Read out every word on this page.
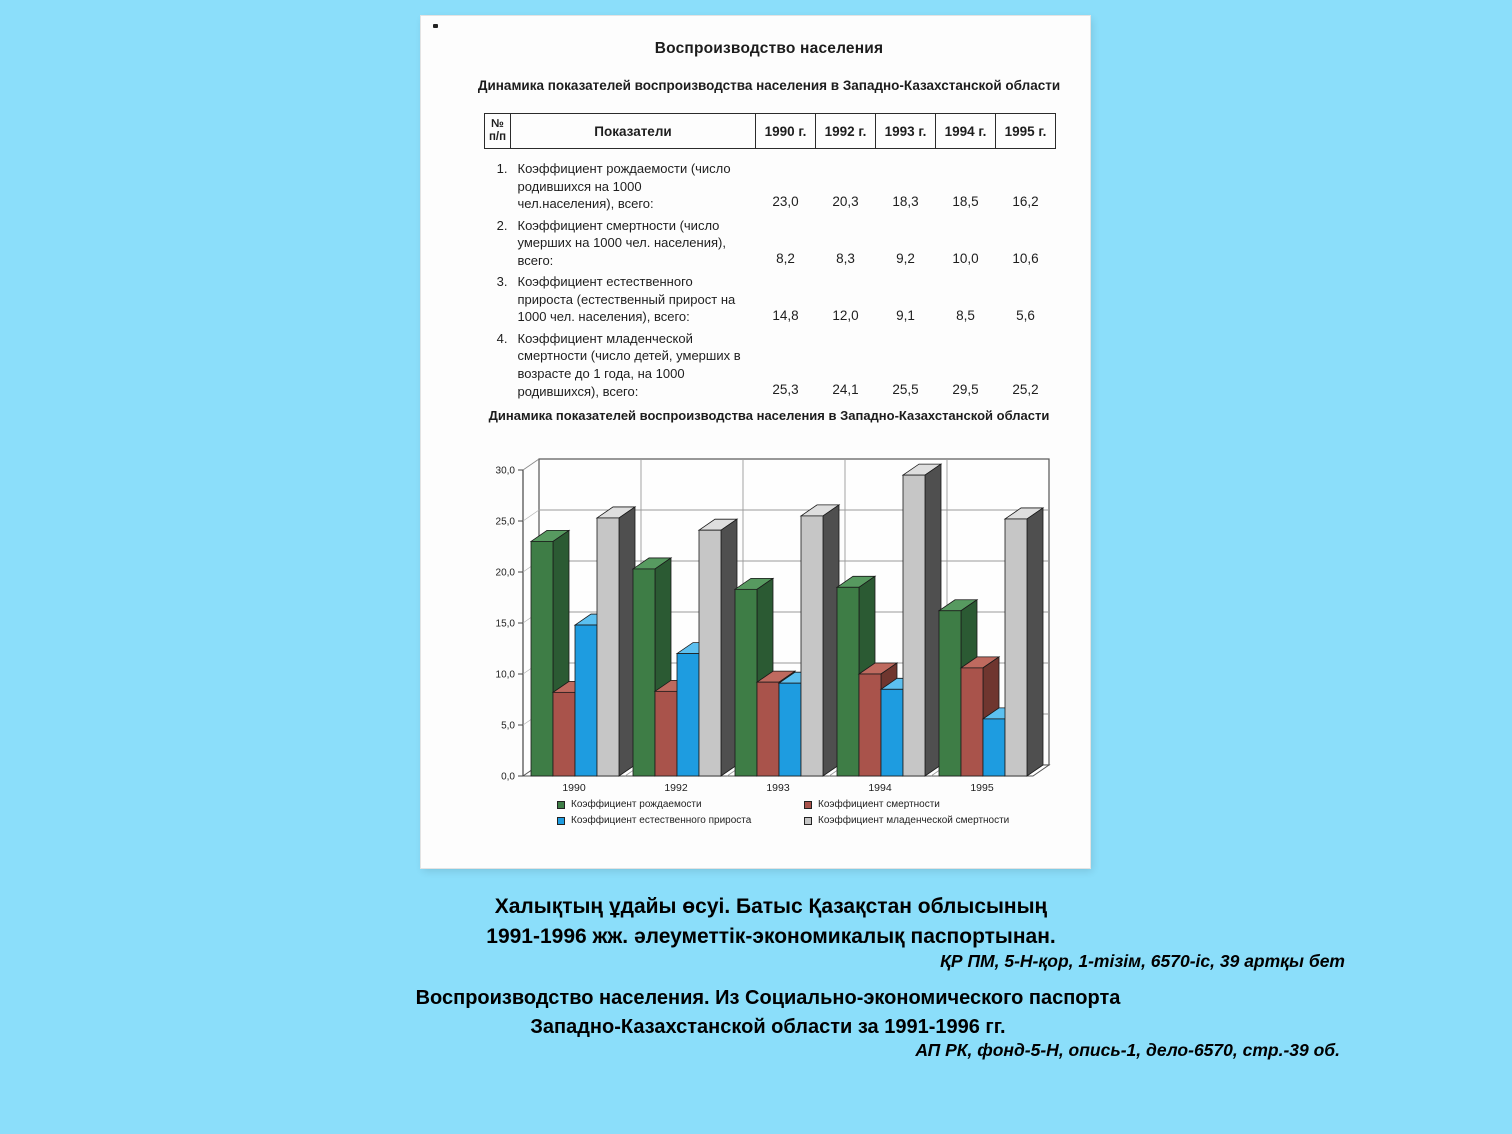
Воспроизводство населения
Динамика показателей воспроизводства населения в Западно-Казахстанской области
№ п/п	Показатели	1990 г.	1992 г.	1993 г.	1994 г.	1995 г.
1.	Коэффициент рождаемости (число родившихся на 1000 чел.населения), всего:	23,0	20,3	18,3	18,5	16,2
2.	Коэффициент смертности (число умерших на 1000 чел. населения), всего:	8,2	8,3	9,2	10,0	10,6
3.	Коэффициент естественного прироста (естественный прирост на 1000 чел. населения), всего:	14,8	12,0	9,1	8,5	5,6
4.	Коэффициент младенческой смертности (число детей, умерших в возрасте до 1 года, на 1000 родившихся), всего:	25,3	24,1	25,5	29,5	25,2
Динамика показателей воспроизводства населения в Западно-Казахстанской области
0,0
5,0
10,0
15,0
20,0
25,0
30,0
1990	1992	1993	1994	1995
Коэффициент рождаемости
Коэффициент естественного прироста
Коэффициент смертности
Коэффициент младенческой смертности
Халықтың ұдайы өсуі. Батыс Қазақстан облысының
1991-1996 жж. әлеуметтік-экономикалық паспортынан.
ҚР ПМ, 5-Н-қор, 1-тізім, 6570-іс, 39 артқы бет
Воспроизводство населения. Из Социально-экономического паспорта
Западно-Казахстанской области за 1991-1996 гг.
АП РК, фонд-5-Н, опись-1, дело-6570, стр.-39 об.
